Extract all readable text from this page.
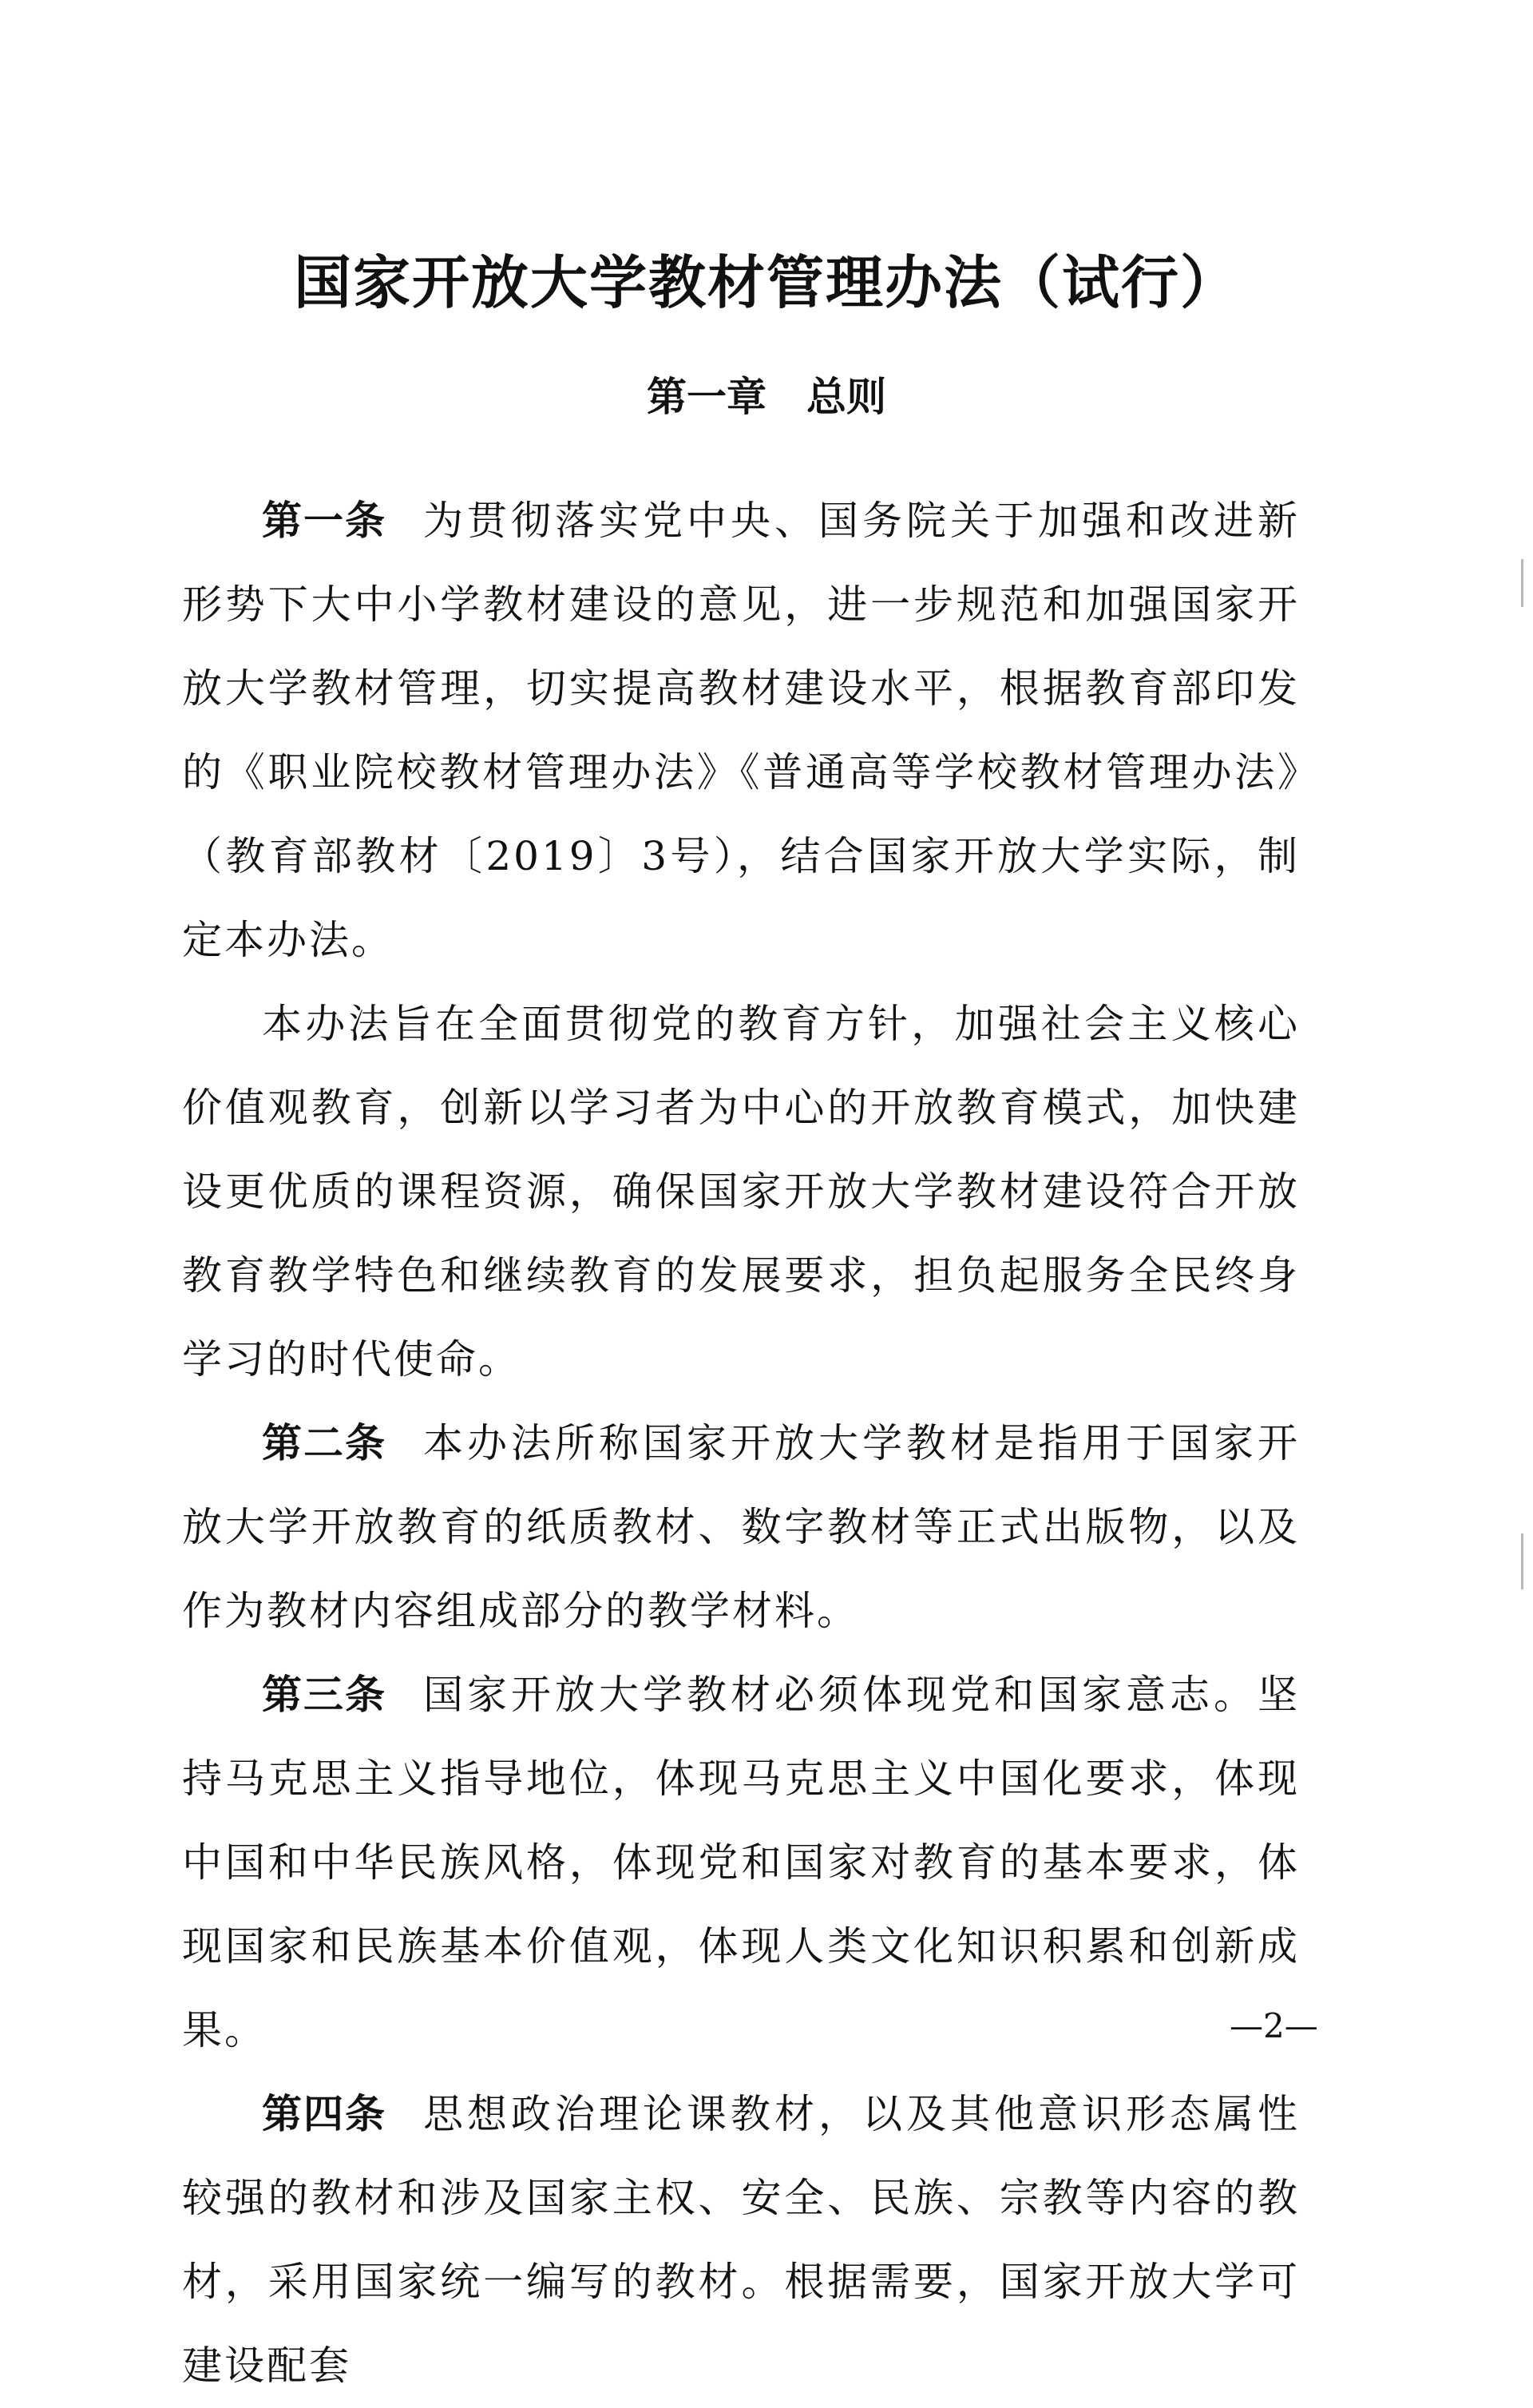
国家开放大学教材管理办法（试行）
第一章　总则

第一条 为贯彻落实党中央、国务院关于加强和改进新形势下大中小学教材建设的意见，进一步规范和加强国家开放大学教材管理，切实提高教材建设水平，根据教育部印发的《职业院校教材管理办法》《普通高等学校教材管理办法》（教育部教材〔2019〕3号），结合国家开放大学实际，制定本办法。

本办法旨在全面贯彻党的教育方针，加强社会主义核心价值观教育，创新以学习者为中心的开放教育模式，加快建设更优质的课程资源，确保国家开放大学教材建设符合开放教育教学特色和继续教育的发展要求，担负起服务全民终身学习的时代使命。

第二条 本办法所称国家开放大学教材是指用于国家开放大学开放教育的纸质教材、数字教材等正式出版物，以及作为教材内容组成部分的教学材料。

第三条 国家开放大学教材必须体现党和国家意志。坚持马克思主义指导地位，体现马克思主义中国化要求，体现中国和中华民族风格，体现党和国家对教育的基本要求，体现国家和民族基本价值观，体现人类文化知识积累和创新成果。

第四条 思想政治理论课教材，以及其他意识形态属性较强的教材和涉及国家主权、安全、民族、宗教等内容的教材，采用国家统一编写的教材。根据需要，国家开放大学可建设配套

—2—
